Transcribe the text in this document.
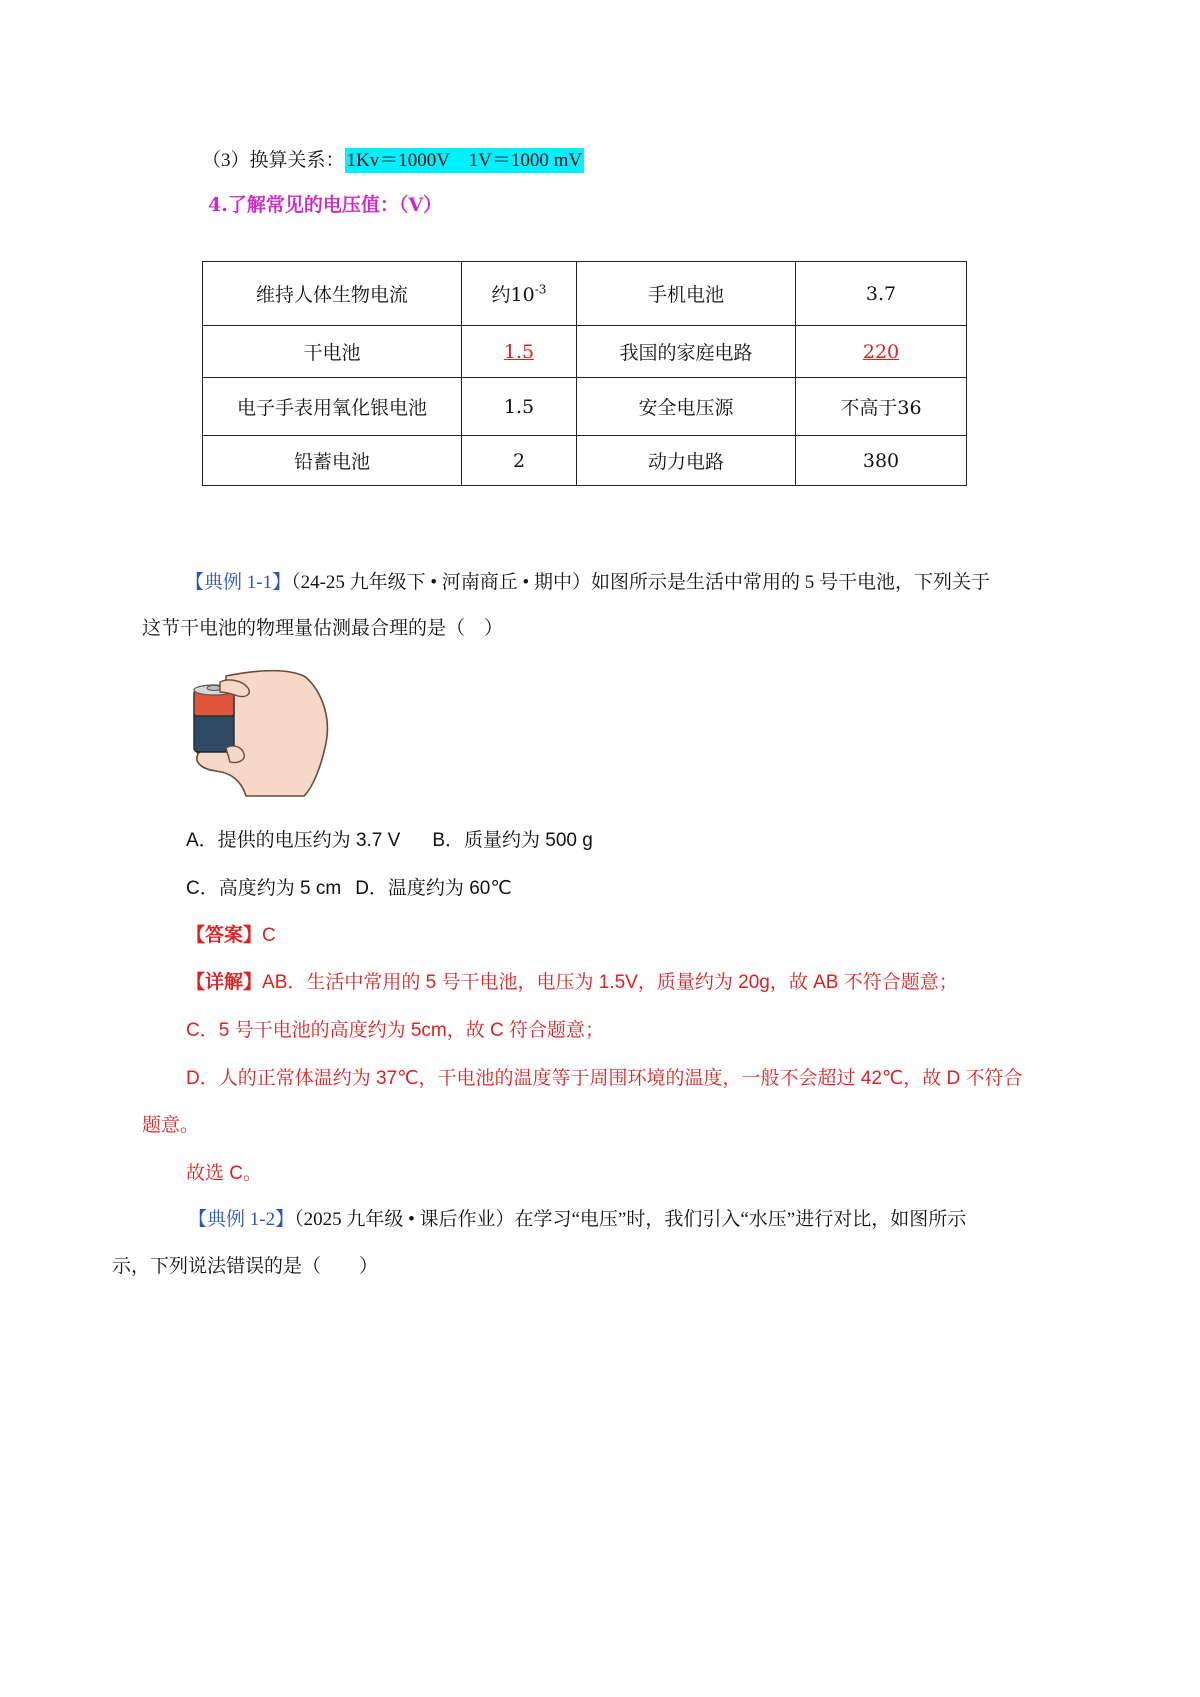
（3）换算关系： 1Kv＝1000V　1V＝1000 mV
4.了解常见的电压值：（V）
维持人体生物电流	约$10^{-3}$	手机电池	3.7
干电池	1.5	我国的家庭电路	220
电子手表用氧化银电池	1.5	安全电压源	不高于36
铅蓄电池	2	动力电路	380
【典例 1-1】（24-25 九年级下 • 河南商丘 • 期中）如图所示是生活中常用的 5 号干电池，下列关于
这节干电池的物理量估测最合理的是（　）
A．提供的电压约为 3.7 V B．质量约为 500 g
C．高度约为 5 cm D．温度约为 60℃
【答案】C
【详解】AB．生活中常用的 5 号干电池，电压为 1.5V，质量约为 20g，故 AB 不符合题意；
C．5 号干电池的高度约为 5cm，故 C 符合题意；
D．人的正常体温约为 37℃，干电池的温度等于周围环境的温度，一般不会超过 42℃，故 D 不符合
题意。
故选 C。
【典例 1-2】（2025 九年级 • 课后作业）在学习“电压”时，我们引入“水压”进行对比，如图所示
示，下列说法错误的是（　　）
